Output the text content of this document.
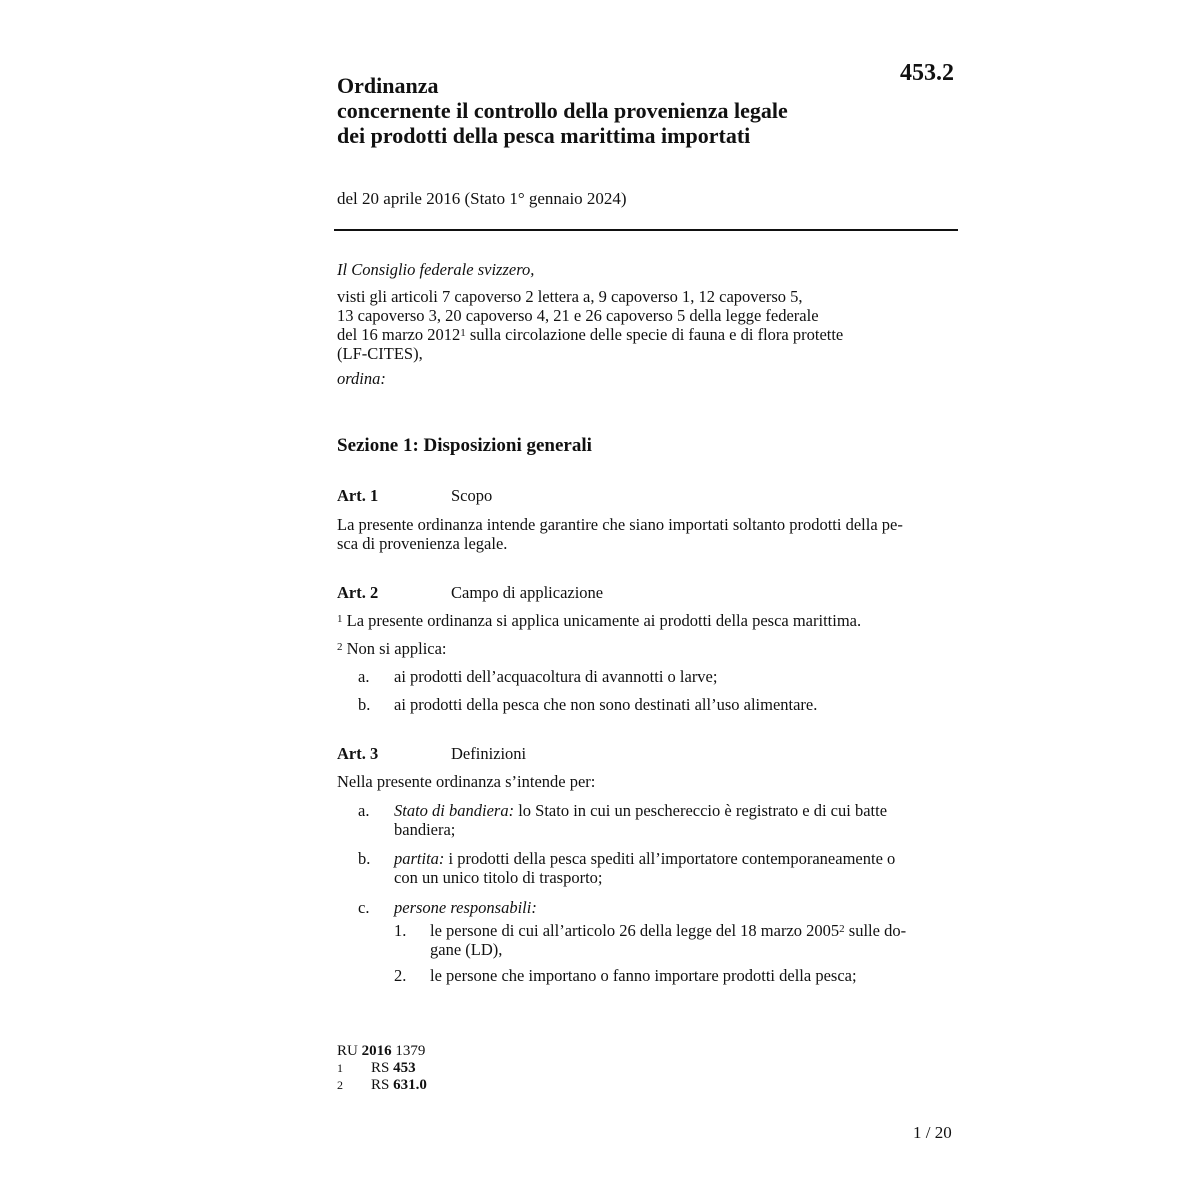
453.2
Ordinanza
concernente il controllo della provenienza legale
dei prodotti della pesca marittima importati
del 20 aprile 2016 (Stato 1° gennaio 2024)
Il Consiglio federale svizzero,
visti gli articoli 7 capoverso 2 lettera a, 9 capoverso 1, 12 capoverso 5,
13 capoverso 3, 20 capoverso 4, 21 e 26 capoverso 5 della legge federale
del 16 marzo 2012$^1$ sulla circolazione delle specie di fauna e di flora protette
(LF-CITES),
ordina:
Sezione 1: Disposizioni generali
Art. 1	Scopo
La presente ordinanza intende garantire che siano importati soltanto prodotti della pe-
sca di provenienza legale.
Art. 2	Campo di applicazione
$^1$ La presente ordinanza si applica unicamente ai prodotti della pesca marittima.
$^2$ Non si applica:
a. ai prodotti dell’acquacoltura di avannotti o larve;
b. ai prodotti della pesca che non sono destinati all’uso alimentare.
Art. 3	Definizioni
Nella presente ordinanza s’intende per:
a. Stato di bandiera: lo Stato in cui un peschereccio è registrato e di cui batte
bandiera;
b. partita: i prodotti della pesca spediti all’importatore contemporaneamente o
con un unico titolo di trasporto;
c. persone responsabili:
1. le persone di cui all’articolo 26 della legge del 18 marzo 2005$^2$ sulle do-
gane (LD),
2. le persone che importano o fanno importare prodotti della pesca;
RU 2016 1379
1 RS 453
2 RS 631.0
1 / 20
